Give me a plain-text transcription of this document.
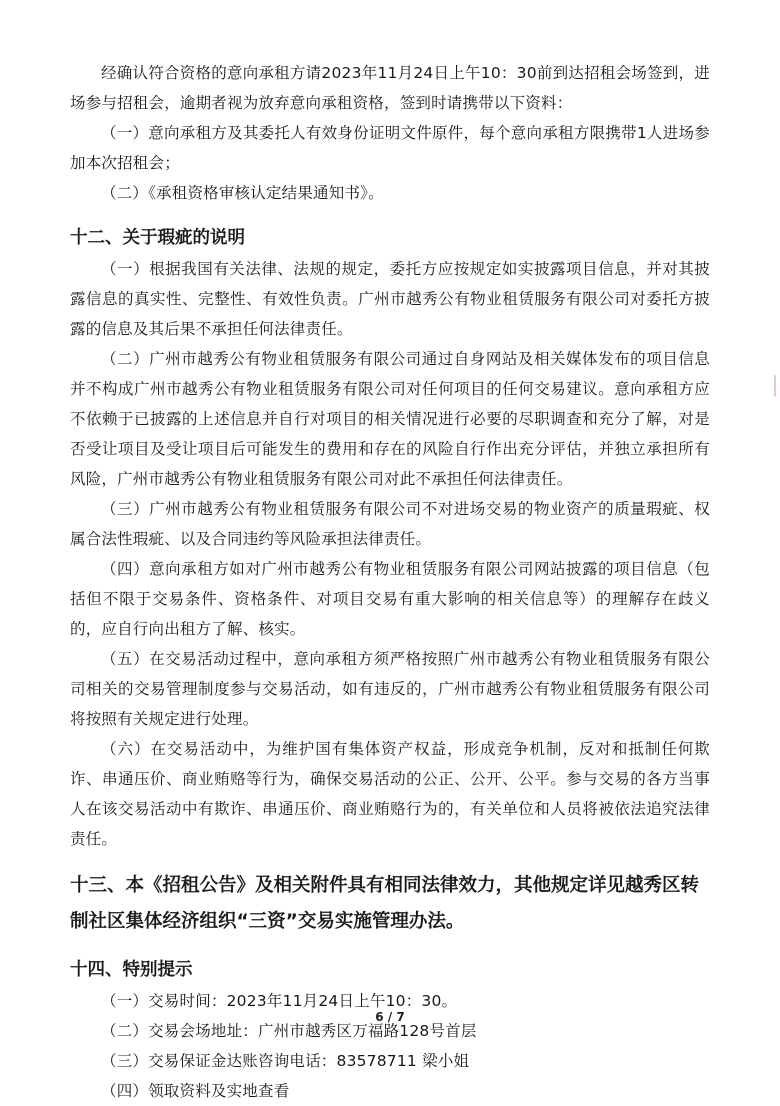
经确认符合资格的意向承租方请2023年11月24日上午10：30前到达招租会场签到，进场参与招租会，逾期者视为放弃意向承租资格，签到时请携带以下资料：

（一）意向承租方及其委托人有效身份证明文件原件，每个意向承租方限携带1人进场参加本次招租会；

（二）《承租资格审核认定结果通知书》。

十二、关于瑕疵的说明

（一）根据我国有关法律、法规的规定，委托方应按规定如实披露项目信息，并对其披露信息的真实性、完整性、有效性负责。广州市越秀公有物业租赁服务有限公司对委托方披露的信息及其后果不承担任何法律责任。

（二）广州市越秀公有物业租赁服务有限公司通过自身网站及相关媒体发布的项目信息并不构成广州市越秀公有物业租赁服务有限公司对任何项目的任何交易建议。意向承租方应不依赖于已披露的上述信息并自行对项目的相关情况进行必要的尽职调查和充分了解，对是否受让项目及受让项目后可能发生的费用和存在的风险自行作出充分评估，并独立承担所有风险，广州市越秀公有物业租赁服务有限公司对此不承担任何法律责任。

（三）广州市越秀公有物业租赁服务有限公司不对进场交易的物业资产的质量瑕疵、权属合法性瑕疵、以及合同违约等风险承担法律责任。

（四）意向承租方如对广州市越秀公有物业租赁服务有限公司网站披露的项目信息（包括但不限于交易条件、资格条件、对项目交易有重大影响的相关信息等）的理解存在歧义的，应自行向出租方了解、核实。

（五）在交易活动过程中，意向承租方须严格按照广州市越秀公有物业租赁服务有限公司相关的交易管理制度参与交易活动，如有违反的，广州市越秀公有物业租赁服务有限公司将按照有关规定进行处理。

（六）在交易活动中，为维护国有集体资产权益，形成竞争机制，反对和抵制任何欺诈、串通压价、商业贿赂等行为，确保交易活动的公正、公开、公平。参与交易的各方当事人在该交易活动中有欺诈、串通压价、商业贿赂行为的，有关单位和人员将被依法追究法律责任。

十三、本《招租公告》及相关附件具有相同法律效力，其他规定详见越秀区转制社区集体经济组织“三资”交易实施管理办法。
十四、特别提示

（一）交易时间：2023年11月24日上午10：30。

（二）交易会场地址：广州市越秀区万福路128号首层

（三）交易保证金达账咨询电话：83578711 梁小姐

（四）领取资料及实地查看

6 / 7
